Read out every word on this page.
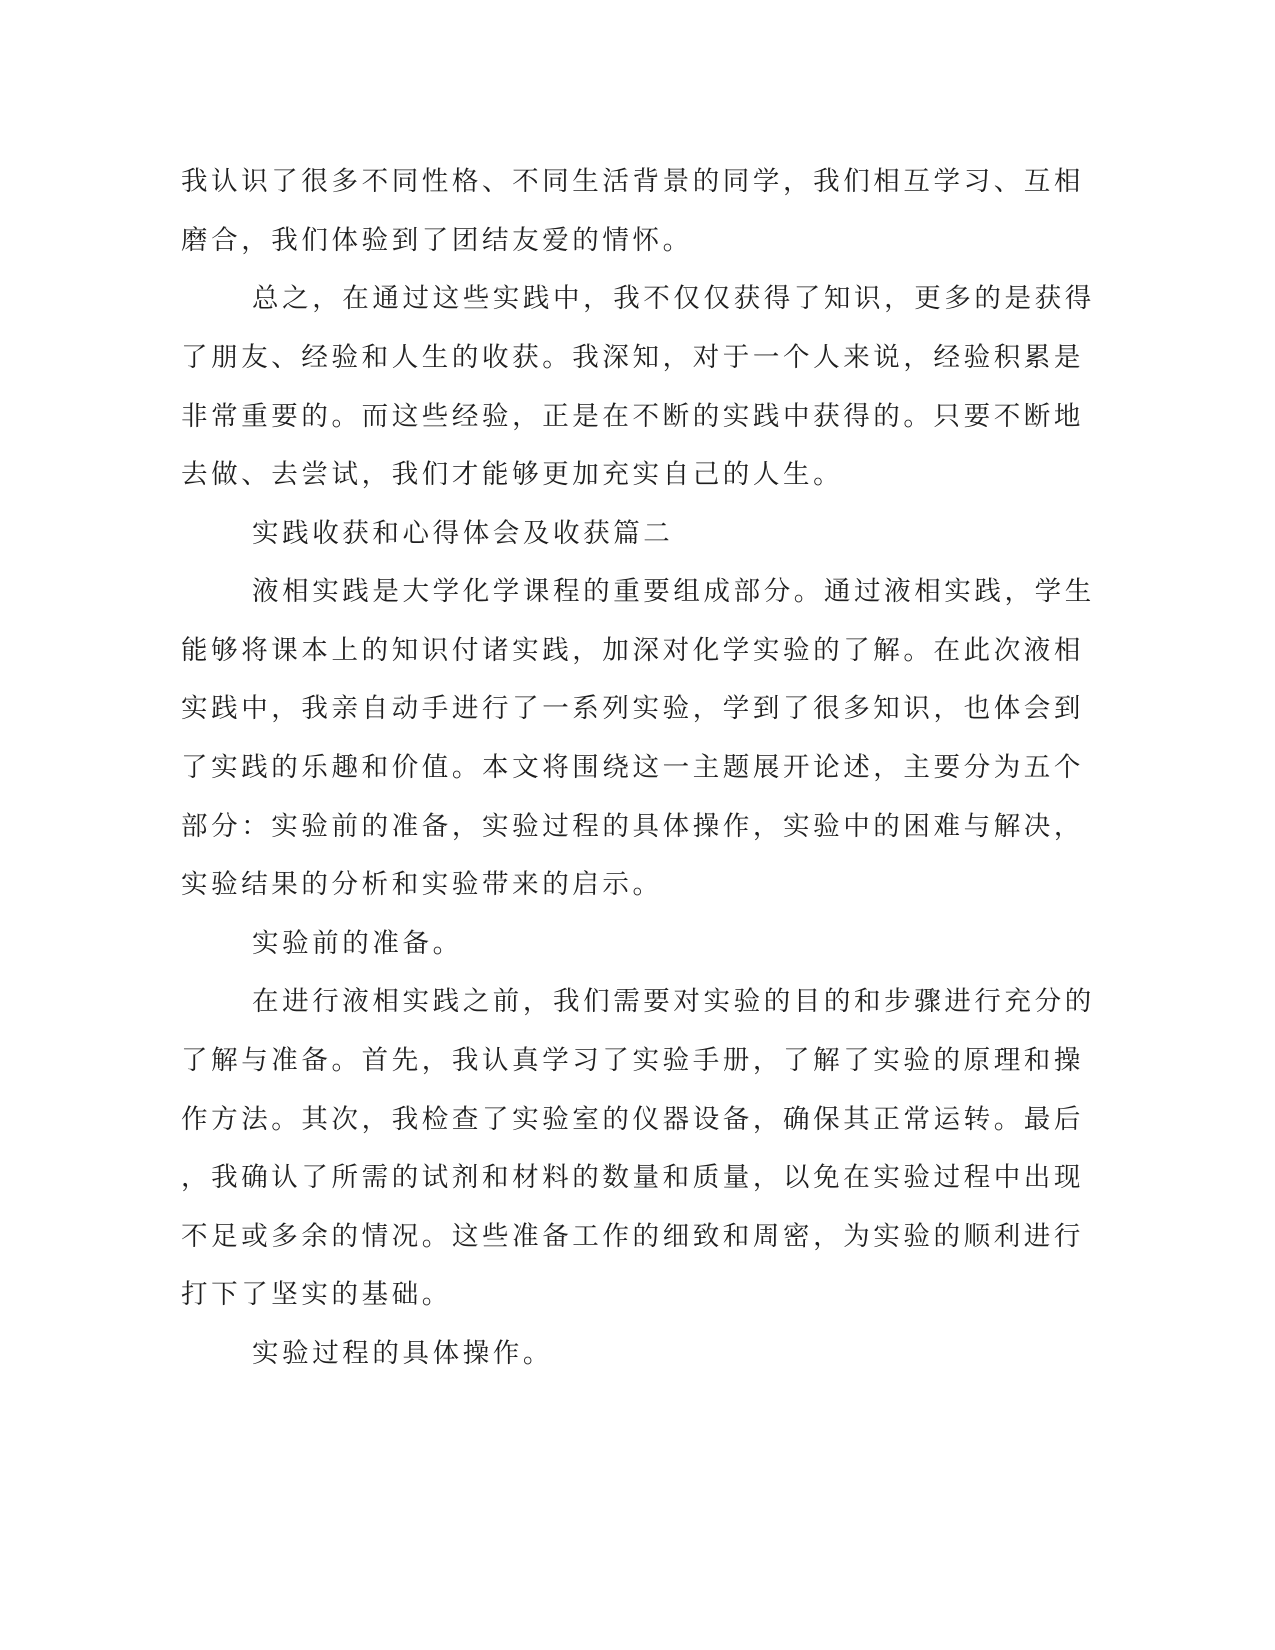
我认识了很多不同性格、不同生活背景的同学，我们相互学习、互相
磨合，我们体验到了团结友爱的情怀。
总之，在通过这些实践中，我不仅仅获得了知识，更多的是获得
了朋友、经验和人生的收获。我深知，对于一个人来说，经验积累是
非常重要的。而这些经验，正是在不断的实践中获得的。只要不断地
去做、去尝试，我们才能够更加充实自己的人生。
实践收获和心得体会及收获篇二
液相实践是大学化学课程的重要组成部分。通过液相实践，学生
能够将课本上的知识付诸实践，加深对化学实验的了解。在此次液相
实践中，我亲自动手进行了一系列实验，学到了很多知识，也体会到
了实践的乐趣和价值。本文将围绕这一主题展开论述，主要分为五个
部分：实验前的准备，实验过程的具体操作，实验中的困难与解决，
实验结果的分析和实验带来的启示。
实验前的准备。
在进行液相实践之前，我们需要对实验的目的和步骤进行充分的
了解与准备。首先，我认真学习了实验手册，了解了实验的原理和操
作方法。其次，我检查了实验室的仪器设备，确保其正常运转。最后
，我确认了所需的试剂和材料的数量和质量，以免在实验过程中出现
不足或多余的情况。这些准备工作的细致和周密，为实验的顺利进行
打下了坚实的基础。
实验过程的具体操作。
